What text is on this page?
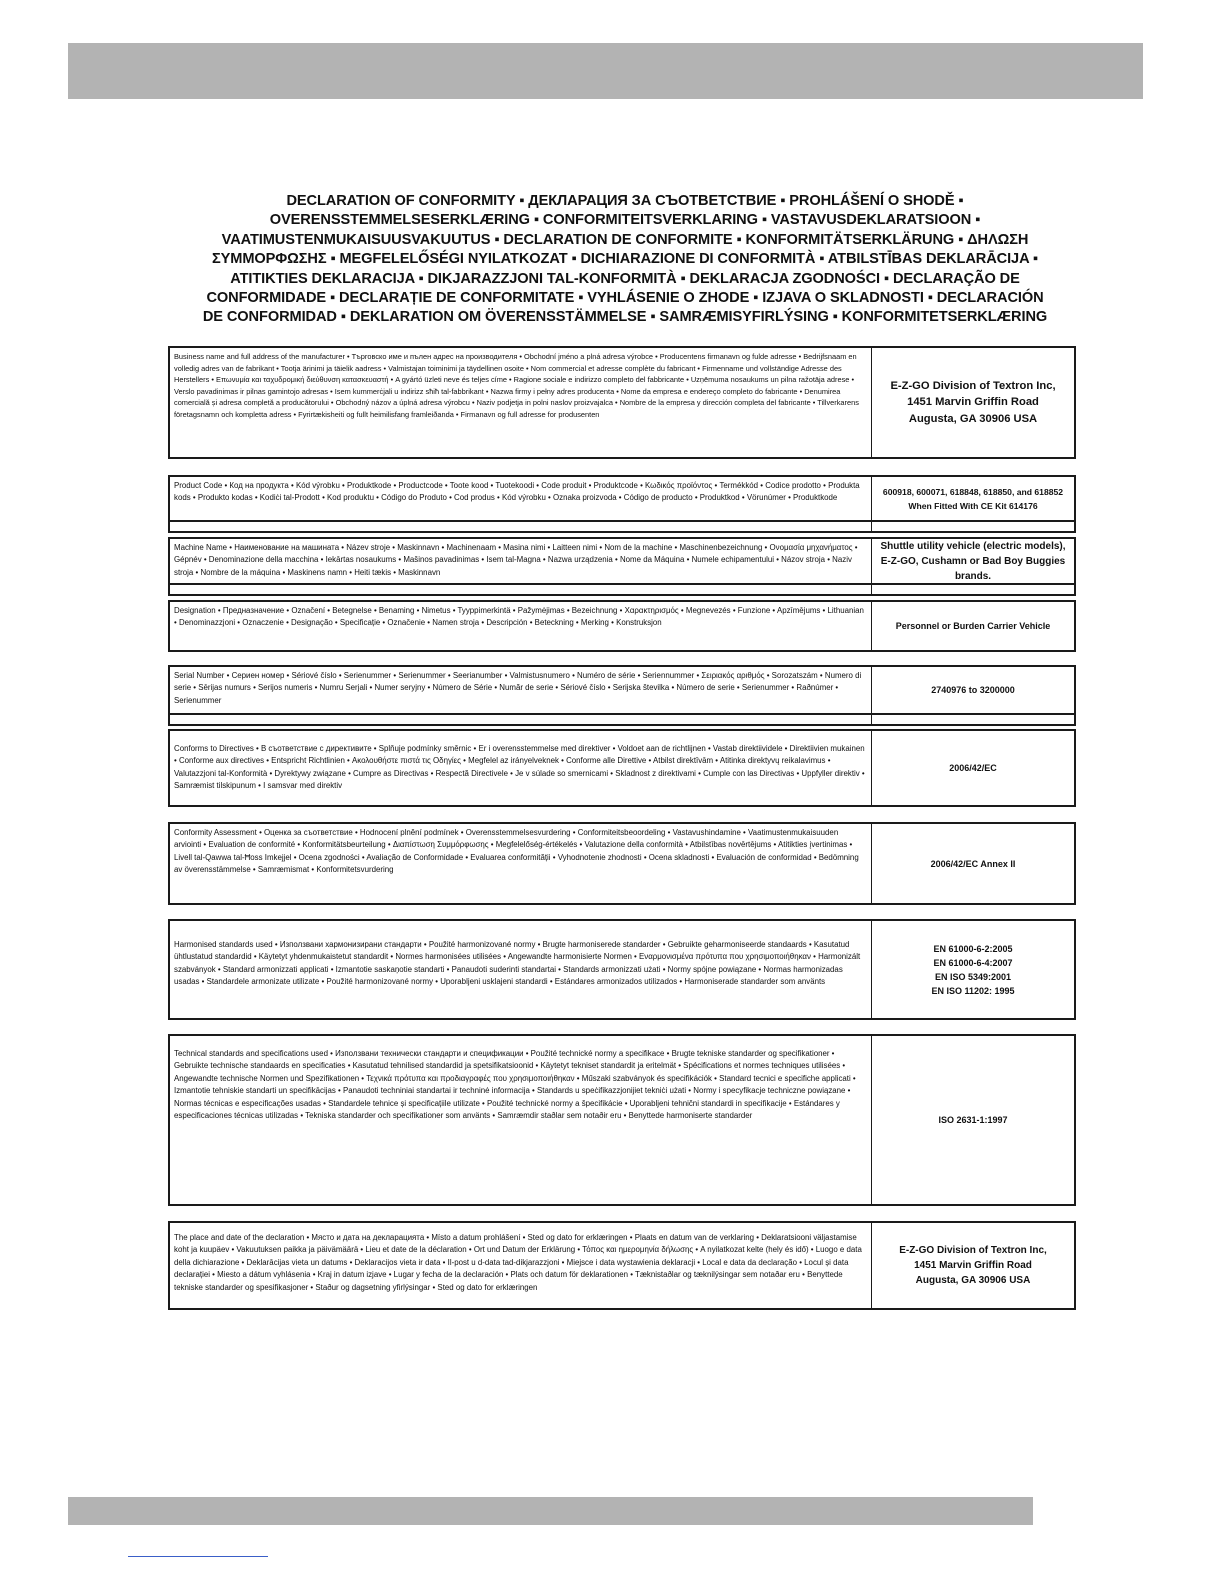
DECLARATION OF CONFORMITY ▪ ДЕКЛАРАЦИЯ ЗА СЪОТВЕТСТВИЕ ▪ PROHLÁŠENÍ O SHODĚ ▪
OVERENSSTEMMELSESERKLÆRING ▪ CONFORMITEITSVERKLARING ▪ VASTAVUSDEKLARATSIOON ▪
VAATIMUSTENMUKAISUUSVAKUUTUS ▪ DECLARATION DE CONFORMITE ▪ KONFORMITÄTSERKLÄRUNG ▪ ΔΗΛΩΣΗ
ΣΥΜΜΟΡΦΩΣΗΣ ▪ MEGFELELŐSÉGI NYILATKOZAT ▪ DICHIARAZIONE DI CONFORMITÀ ▪ ATBILSTĪBAS DEKLARĀCIJA ▪
ATITIKTIES DEKLARACIJA ▪ DIKJARAZZJONI TAL-KONFORMITÀ ▪ DEKLARACJA ZGODNOŚCI ▪ DECLARAÇÃO DE
CONFORMIDADE ▪ DECLARAȚIE DE CONFORMITATE ▪ VYHLÁSENIE O ZHODE ▪ IZJAVA O SKLADNOSTI ▪ DECLARACIÓN
DE CONFORMIDAD ▪ DEKLARATION OM ÖVERENSSTÄMMELSE ▪ SAMRÆMISYFIRLÝSING ▪ KONFORMITETSERKLÆRING
Business name and full address of the manufacturer • Търговско име и пълен адрес на производителя • Obchodní jméno a plná adresa výrobce • Producentens firmanavn og fulde adresse • Bedrijfsnaam en volledig adres van de fabrikant • Tootja ärinimi ja täielik aadress • Valmistajan toiminimi ja täydellinen osoite • Nom commercial et adresse complète du fabricant • Firmenname und vollständige Adresse des Herstellers • Επωνυμία και ταχυδρομική διεύθυνση κατασκευαστή • A gyártó üzleti neve és teljes címe • Ragione sociale e indirizzo completo del fabbricante • Uzņēmuma nosaukums un pilna ražotāja adrese • Verslo pavadinimas ir pilnas gamintojo adresas • Isem kummerċjali u indirizz sħiħ tal-fabbrikant • Nazwa firmy i pełny adres producenta • Nome da empresa e endereço completo do fabricante • Denumirea comercială și adresa completă a producătorului • Obchodný názov a úplná adresa výrobcu • Naziv podjetja in polni naslov proizvajalca • Nombre de la empresa y dirección completa del fabricante • Tillverkarens företagsnamn och kompletta adress • Fyrirtækisheiti og fullt heimilisfang framleiðanda • Firmanavn og full adresse for produsenten
E-Z-GO Division of Textron Inc,
1451 Marvin Griffin Road
Augusta, GA 30906 USA
Product Code • Код на продукта • Kód výrobku • Produktkode • Productcode • Toote kood • Tuotekoodi • Code produit • Produktcode • Κωδικός προϊόντος • Termékkód • Codice prodotto • Produkta kods • Produkto kodas • Kodiċi tal-Prodott • Kod produktu • Código do Produto • Cod produs • Kód výrobku • Oznaka proizvoda • Código de producto • Produktkod • Vörunúmer • Produktkode
600918, 600071, 618848, 618850, and 618852
When Fitted With CE Kit 614176
Machine Name • Наименование на машината • Název stroje • Maskinnavn • Machinenaam • Masina nimi • Laitteen nimi • Nom de la machine • Maschinenbezeichnung • Ονομασία μηχανήματος • Gépnév • Denominazione della macchina • Iekārtas nosaukums • Mašinos pavadinimas • Isem tal-Magna • Nazwa urządzenia • Nome da Máquina • Numele echipamentului • Názov stroja • Naziv stroja • Nombre de la máquina • Maskinens namn • Heiti tækis • Maskinnavn
Shuttle utility vehicle (electric models),
E-Z-GO, Cushamn or Bad Boy Buggies
brands.
Designation • Предназначение • Označení • Betegnelse • Benaming • Nimetus • Tyyppimerkintä • Pažymėjimas • Bezeichnung • Χαρακτηρισμός • Megnevezés • Funzione • Apzīmējums • Lithuanian • Denominazzjoni • Oznaczenie • Designação • Specificație • Označenie • Namen stroja • Descripción • Beteckning • Merking • Konstruksjon	Personnel or Burden Carrier Vehicle
Serial Number • Сериен номер • Sériové číslo • Serienummer • Serienummer • Seerianumber • Valmistusnumero • Numéro de série • Seriennummer • Σειριακός αριθμός • Sorozatszám • Numero di serie • Sērijas numurs • Serijos numeris • Numru Serjali • Numer seryjny • Número de Série • Număr de serie • Sériové číslo • Serijska številka • Número de serie • Serienummer • Raðnúmer • Serienummer
2740976 to 3200000
Conforms to Directives • В съответствие с директивите • Splňuje podmínky směrnic • Er i overensstemmelse med direktiver • Voldoet aan de richtlijnen • Vastab direktiividele • Direktiivien mukainen • Conforme aux directives • Entspricht Richtlinien • Ακολουθήστε πιστά τις Οδηγίες • Megfelel az irányelveknek • Conforme alle Direttive • Atbilst direktīvām • Atitinka direktyvų reikalavimus • Valutazzjoni tal-Konformità • Dyrektywy związane • Cumpre as Directivas • Respectă Directivele • Je v súlade so smernicami • Skladnost z direktivami • Cumple con las Directivas • Uppfyller direktiv • Samræmist tilskipunum • I samsvar med direktiv
2006/42/EC
Conformity Assessment • Оценка за съответствие • Hodnocení plnění podmínek • Overensstemmelsesvurdering • Conformiteitsbeoordeling • Vastavushindamine • Vaatimustenmukaisuuden arviointi • Evaluation de conformité • Konformitätsbeurteilung • Διαπίστωση Συμμόρφωσης • Megfelelőség-értékelés • Valutazione della conformità • Atbilstības novērtējums • Atitikties įvertinimas • Livell tal-Qawwa tal-Ħoss Imkejjel • Ocena zgodności • Avaliação de Conformidade • Evaluarea conformității • Vyhodnotenie zhodnosti • Ocena skladnosti • Evaluación de conformidad • Bedömning av överensstämmelse • Samræmismat • Konformitetsvurdering
2006/42/EC Annex II
Harmonised standards used • Използвани хармонизирани стандарти • Použité harmonizované normy • Brugte harmoniserede standarder • Gebruikte geharmoniseerde standaards • Kasutatud ühtlustatud standardid • Käytetyt yhdenmukaistetut standardit • Normes harmonisées utilisées • Angewandte harmonisierte Normen • Εναρμονισμένα πρότυπα που χρησιμοποιήθηκαν • Harmonizált szabványok • Standard armonizzati applicati • Izmantotie saskaņotie standarti • Panaudoti suderinti standartai • Standards armonizzati użati • Normy spójne powiązane • Normas harmonizadas usadas • Standardele armonizate utilizate • Použité harmonizované normy • Uporabljeni usklajeni standardi • Estándares armonizados utilizados • Harmoniserade standarder som använts
EN 61000-6-2:2005
EN 61000-6-4:2007
EN ISO 5349:2001
EN ISO 11202: 1995
Technical standards and specifications used • Използвани технически стандарти и спецификации • Použité technické normy a specifikace • Brugte tekniske standarder og specifikationer • Gebruikte technische standaards en specificaties • Kasutatud tehnilised standardid ja spetsifikatsioonid • Käytetyt tekniset standardit ja eritelmät • Spécifications et normes techniques utilisées • Angewandte technische Normen und Spezifikationen • Τεχνικά πρότυπα και προδιαγραφές που χρησιμοποιήθηκαν • Műszaki szabványok és specifikációk • Standard tecnici e specifiche applicati • Izmantotie tehniskie standarti un specifikācijas • Panaudoti techniniai standartai ir techninė informacija • Standards u speċifikazzjonijiet tekniċi użati • Normy i specyfikacje techniczne powiązane • Normas técnicas e especificações usadas • Standardele tehnice și specificațiile utilizate • Použité technické normy a špecifikácie • Uporabljeni tehnični standardi in specifikacije • Estándares y especificaciones técnicas utilizadas • Tekniska standarder och specifikationer som använts • Samræmdir staðlar sem notaðir eru • Benyttede harmoniserte standarder	ISO 2631-1:1997
The place and date of the declaration • Място и дата на декларацията • Místo a datum prohlášení • Sted og dato for erklæringen • Plaats en datum van de verklaring • Deklaratsiooni väljastamise koht ja kuupäev • Vakuutuksen paikka ja päivämäärä • Lieu et date de la déclaration • Ort und Datum der Erklärung • Τόπος και ημερομηνία δήλωσης • A nyilatkozat kelte (hely és idő) • Luogo e data della dichiarazione • Deklarācijas vieta un datums • Deklaracijos vieta ir data • Il-post u d-data tad-dikjarazzjoni • Miejsce i data wystawienia deklaracji • Local e data da declaração • Locul și data declarației • Miesto a dátum vyhlásenia • Kraj in datum izjave • Lugar y fecha de la declaración • Plats och datum för deklarationen • Tæknistaðlar og tæknilýsingar sem notaðar eru • Benyttede tekniske standarder og spesifikasjoner • Staður og dagsetning yfirlýsingar • Sted og dato for erklæringen
E-Z-GO Division of Textron Inc,
1451 Marvin Griffin Road
Augusta, GA 30906 USA
